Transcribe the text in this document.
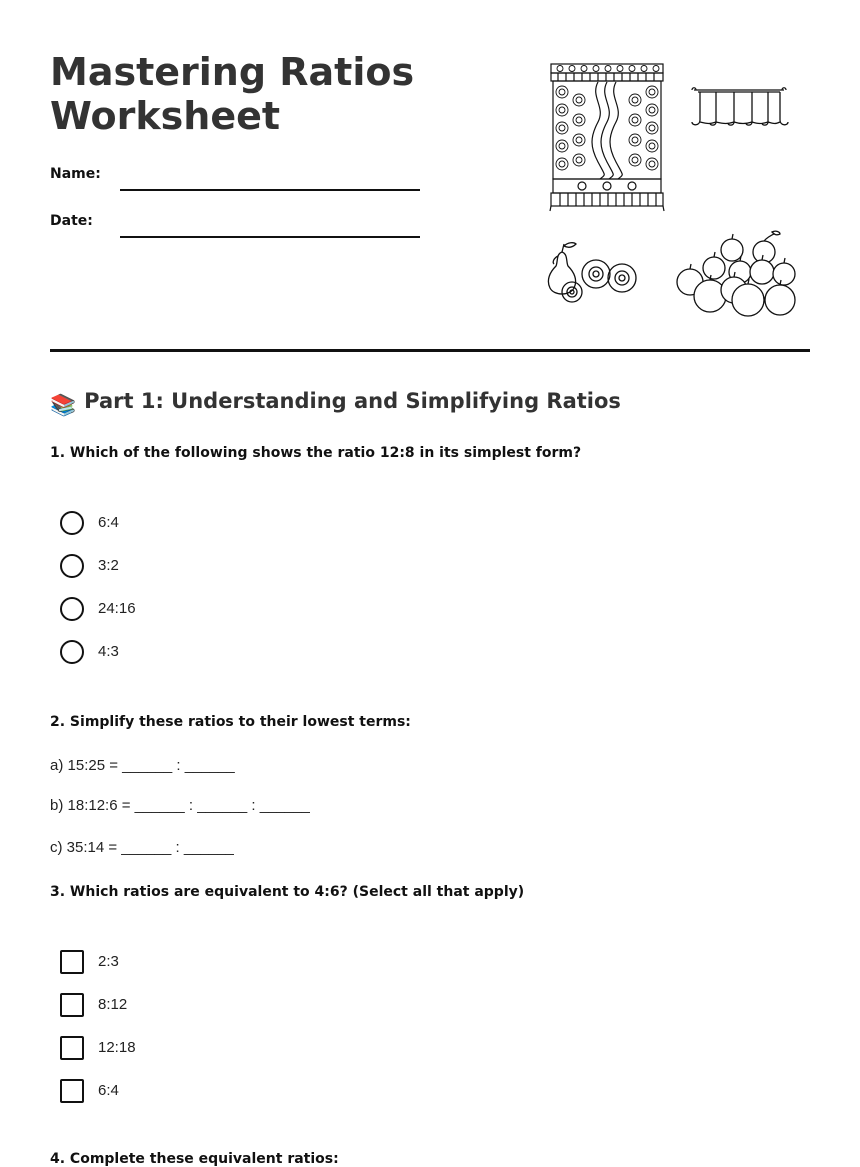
Mastering Ratios
Worksheet
Name:
Date:
📚 Part 1: Understanding and Simplifying Ratios

1. Which of the following shows the ratio 12:8 in its simplest form?

6:4
3:2
24:16
4:3

2. Simplify these ratios to their lowest terms:

a) 15:25 = ______ : ______
b) 18:12:6 = ______ : ______ : ______
c) 35:14 = ______ : ______

3. Which ratios are equivalent to 4:6? (Select all that apply)

2:3
8:12
12:18
6:4

4. Complete these equivalent ratios:
